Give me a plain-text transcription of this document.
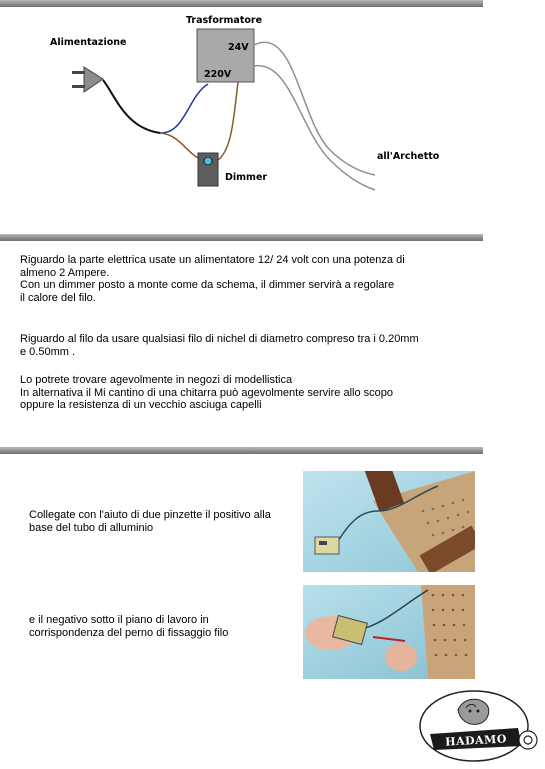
Alimentazione
Trasformatore
24V
220V
Dimmer
all'Archetto
Riguardo la parte elettrica usate un alimentatore 12/ 24 volt con una potenza di
almeno 2 Ampere.
Con un dimmer posto a monte come da schema, il dimmer servirà a regolare
il calore del filo.
Riguardo al filo da usare qualsiasi filo di nichel di diametro compreso tra i 0.20mm
e 0.50mm .
Lo potrete trovare agevolmente in negozi di modellistica
In alternativa il Mi cantino di una chitarra può agevolmente servire allo scopo
oppure la resistenza di un vecchio asciuga capelli
Collegate con l'aiuto di due pinzette il positivo alla
base del tubo di alluminio
e il negativo sotto il piano di lavoro in
corrispondenza del perno di fissaggio filo
HADAMO
